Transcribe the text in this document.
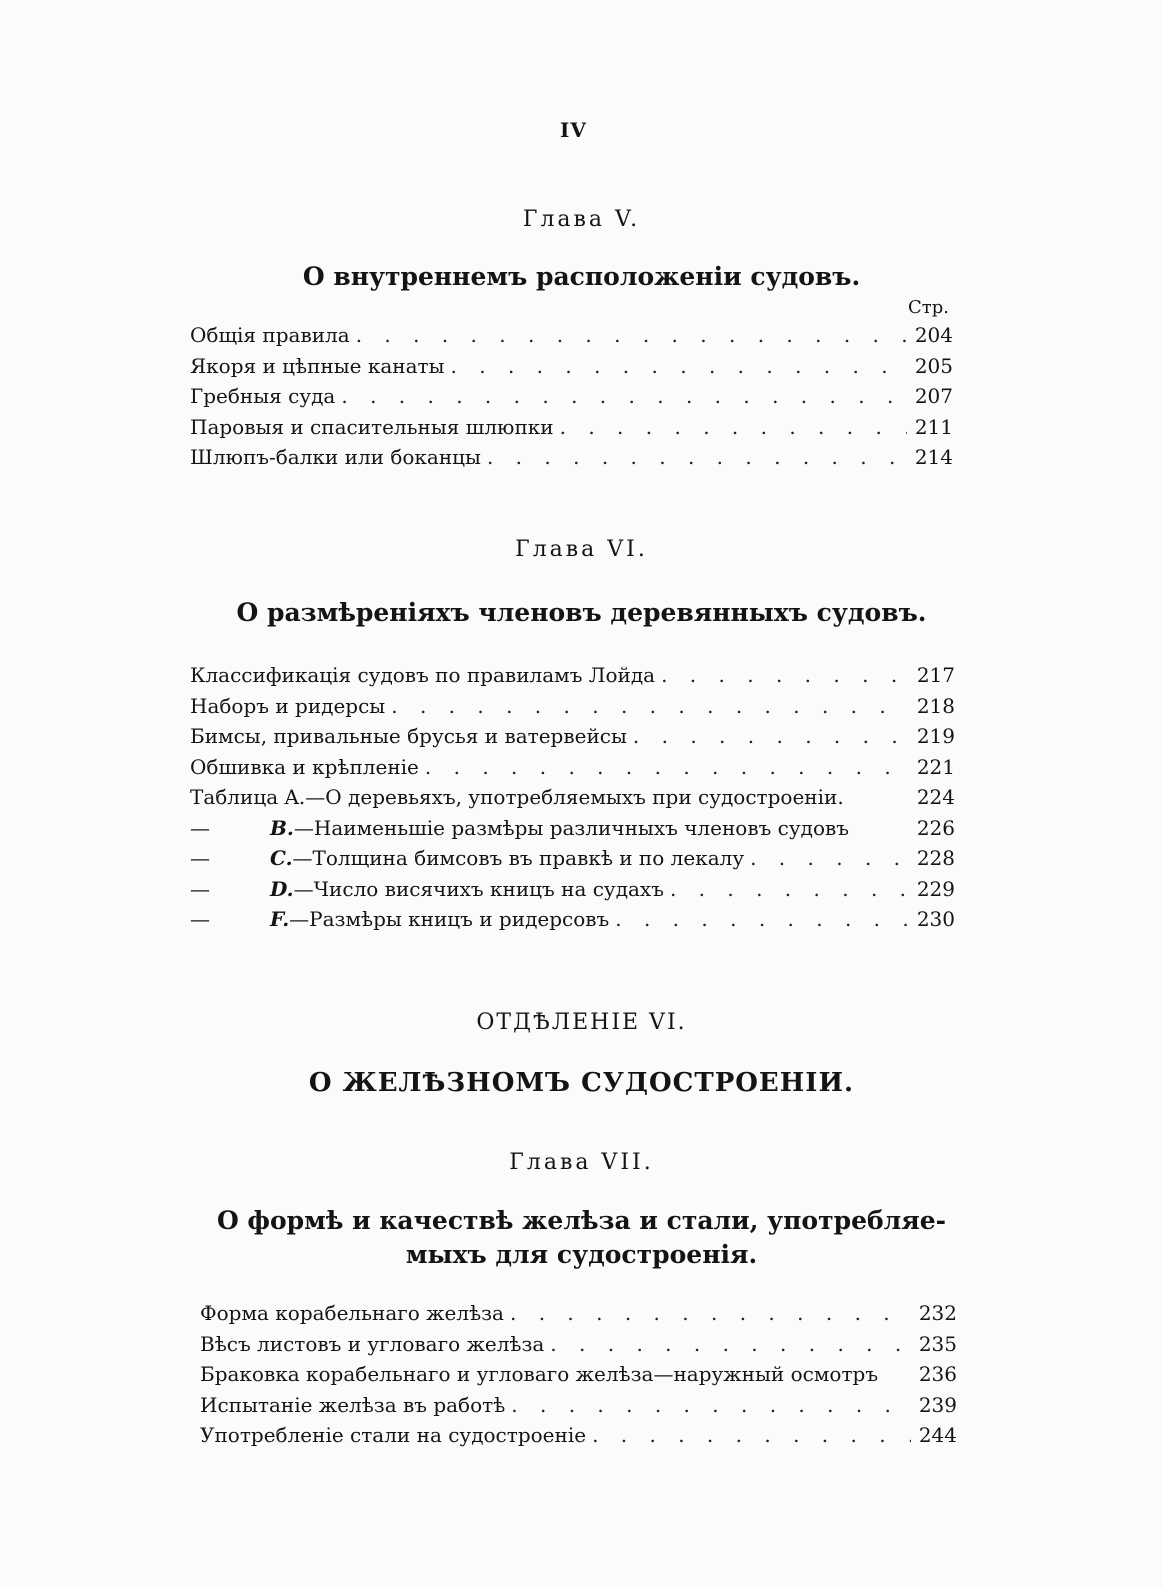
IV
Глава V.
О внутреннемъ расположеніи судовъ.
Стр.
Общія правила . . .	204
Якоря и цѣпные канаты . . .	205
Гребныя суда . . .	207
Паровыя и спасительныя шлюпки . . .	211
Шлюпъ-балки или боканцы . . .	214
Глава VI.
О размѣреніяхъ членовъ деревянныхъ судовъ.
Классификація судовъ по правиламъ Лойда . . .	217
Наборъ и ридерсы . . .	218
Бимсы, привальные брусья и ватервейсы . . .	219
Обшивка и крѣпленіе . . .	221
Таблица A.—О деревьяхъ, употребляемыхъ при судостроеніи.	224
—	B. —Наименьшіе размѣры различныхъ членовъ судовъ	226
—	C. —Толщина бимсовъ въ правкѣ и по лекалу . . .	228
—	D. —Число висячихъ кницъ на судахъ . . .	229
—	F. —Размѣры кницъ и ридерсовъ . . .	230
ОТДѢЛЕНІЕ VI.
О ЖЕЛѢЗНОМЪ СУДОСТРОЕНІИ.
Глава VII.
О формѣ и качествѣ желѣза и стали, употребляе-
мыхъ для судостроенія.
Форма корабельнаго желѣза . . .	232
Вѣсъ листовъ и угловаго желѣза . . .	235
Браковка корабельнаго и угловаго желѣза—наружный осмотръ 236
Испытаніе желѣза въ работѣ . . .	239
Употребленіе стали на судостроеніе . . .	244
